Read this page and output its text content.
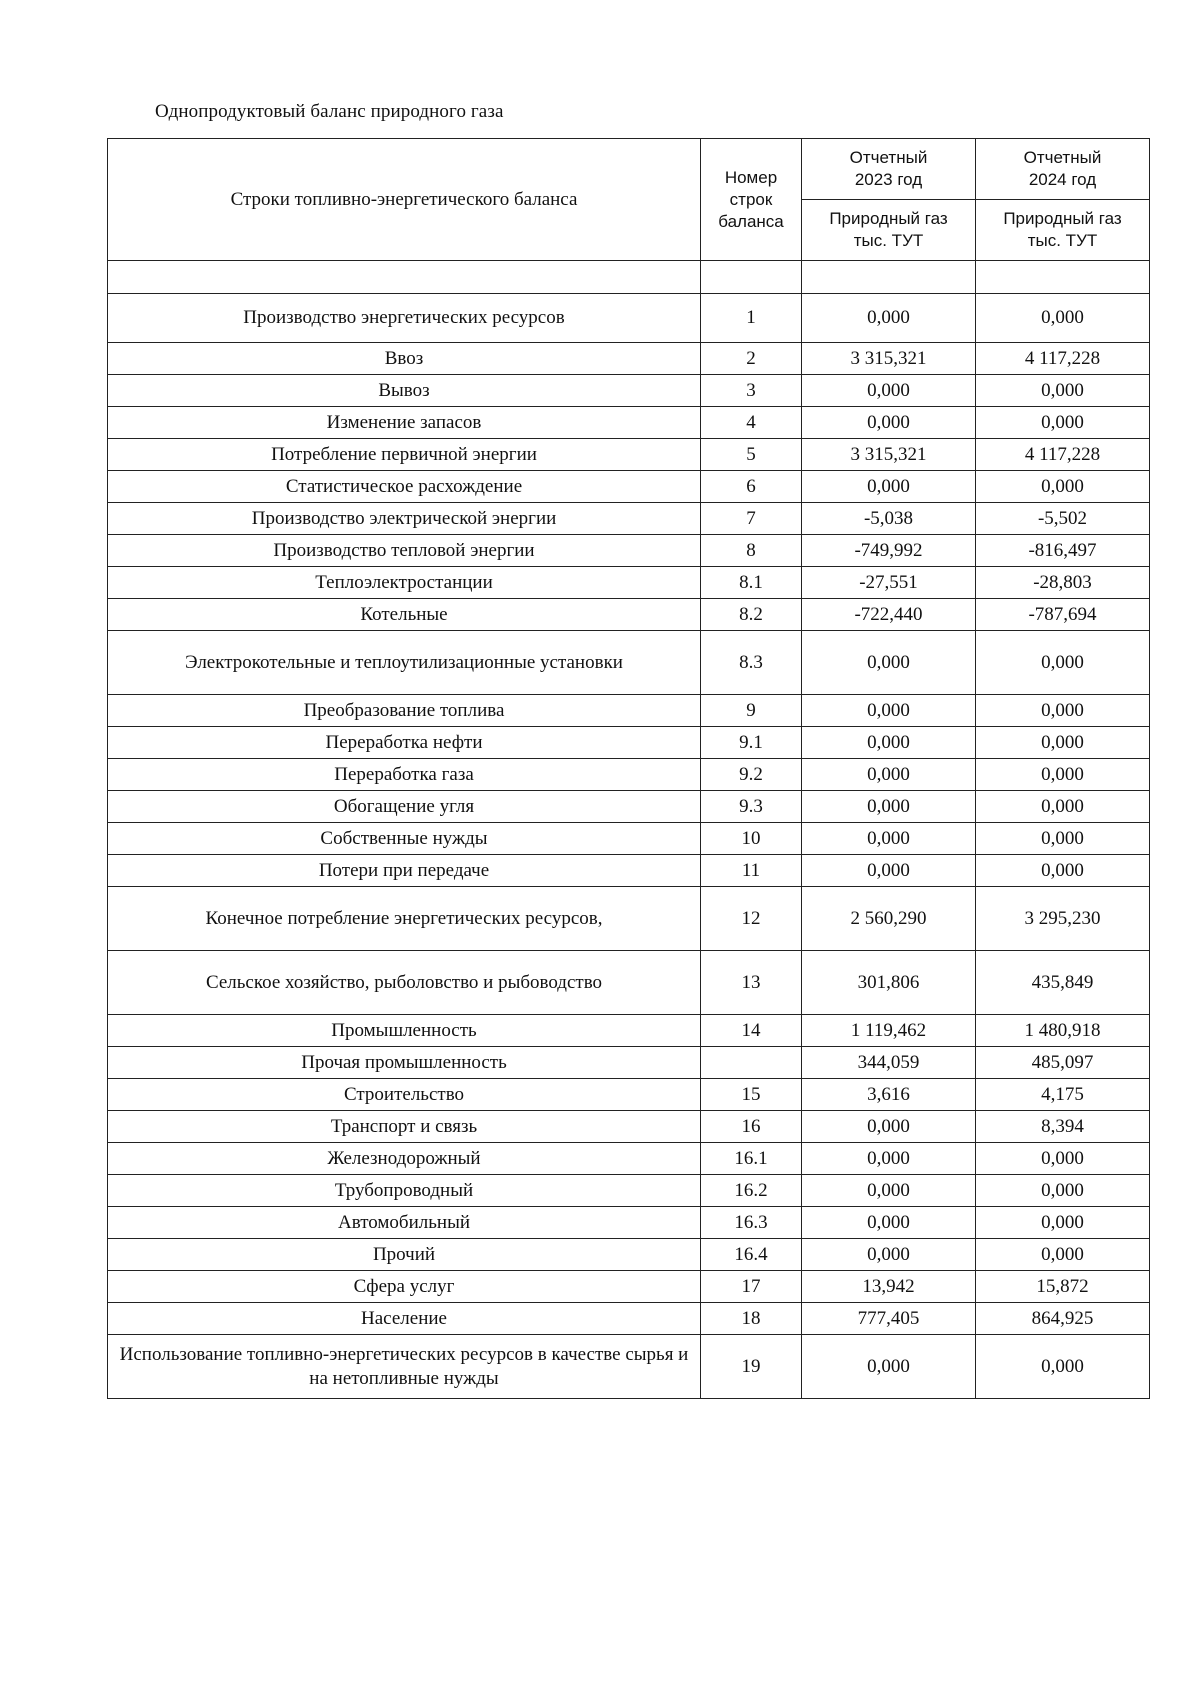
Однопродуктовый баланс природного газа
Строки топливно-энергетического баланса	Номер строк баланса	Отчетный 2023 год	Отчетный 2024 год
		Природный газ тыс. ТУТ	Природный газ тыс. ТУТ

Производство энергетических ресурсов	1	0,000	0,000
Ввоз	2	3 315,321	4 117,228
Вывоз	3	0,000	0,000
Изменение запасов	4	0,000	0,000
Потребление первичной энергии	5	3 315,321	4 117,228
Статистическое расхождение	6	0,000	0,000
Производство электрической энергии	7	-5,038	-5,502
Производство тепловой энергии	8	-749,992	-816,497
Теплоэлектростанции	8.1	-27,551	-28,803
Котельные	8.2	-722,440	-787,694
Электрокотельные и теплоутилизационные установки	8.3	0,000	0,000
Преобразование топлива	9	0,000	0,000
Переработка нефти	9.1	0,000	0,000
Переработка газа	9.2	0,000	0,000
Обогащение угля	9.3	0,000	0,000
Собственные нужды	10	0,000	0,000
Потери при передаче	11	0,000	0,000
Конечное потребление энергетических ресурсов,	12	2 560,290	3 295,230
Сельское хозяйство, рыболовство и рыбоводство	13	301,806	435,849
Промышленность	14	1 119,462	1 480,918
Прочая промышленность		344,059	485,097
Строительство	15	3,616	4,175
Транспорт и связь	16	0,000	8,394
Железнодорожный	16.1	0,000	0,000
Трубопроводный	16.2	0,000	0,000
Автомобильный	16.3	0,000	0,000
Прочий	16.4	0,000	0,000
Сфера услуг	17	13,942	15,872
Население	18	777,405	864,925
Использование топливно-энергетических ресурсов в качестве сырья и на нетопливные нужды	19	0,000	0,000
